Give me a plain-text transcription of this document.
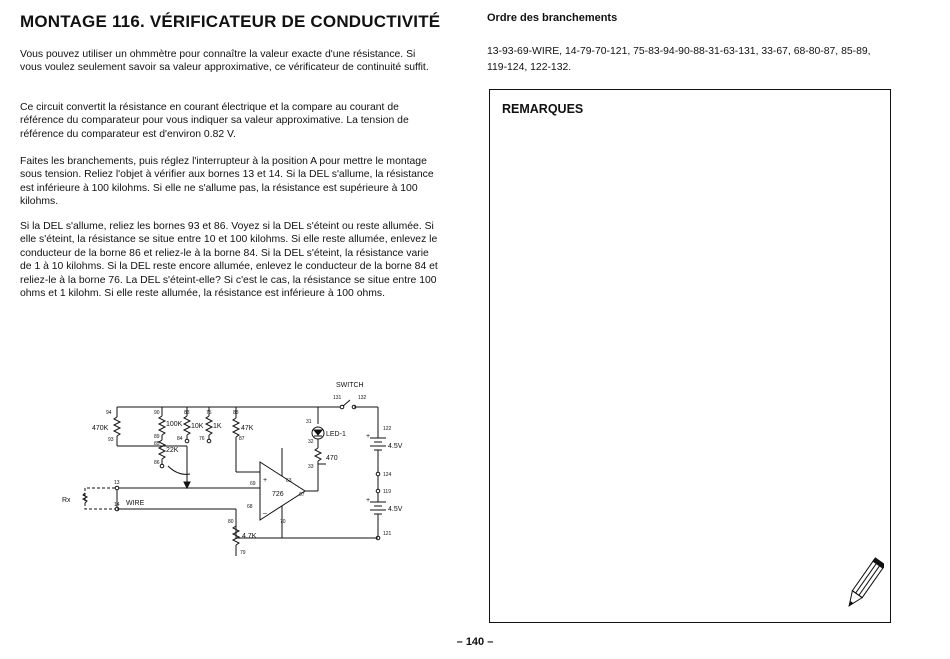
MONTAGE 116. VÉRIFICATEUR DE CONDUCTIVITÉ

Vous pouvez utiliser un ohmmètre pour connaître la valeur exacte d'une résistance. Si vous voulez seulement savoir sa valeur approximative, ce vérificateur de continuité suffit.

Ce circuit convertit la résistance en courant électrique et la compare au courant de référence du comparateur pour vous indiquer sa valeur approximative. La tension de référence du comparateur est d'environ 0.82 V.

Faites les branchements, puis réglez l'interrupteur à la position A pour mettre le montage sous tension. Reliez l'objet à vérifier aux bornes 13 et 14. Si la DEL s'allume, la résistance est inférieure à 100 kilohms. Si elle ne s'allume pas, la résistance est supérieure à 100 kilohms.

Si la DEL s'allume, reliez les bornes 93 et 86. Voyez si la DEL s'éteint ou reste allumée. Si elle s'éteint, la résistance se situe entre 10 et 100 kilohms. Si elle reste allumée, enlevez le conducteur de la borne 86 et reliez-le à la borne 84. Si la DEL s'éteint, la résistance varie de 1 à 10 kilohms. Si la DEL reste encore allumée, enlevez le conducteur de la borne 84 et reliez-le à la borne 76. La DEL s'éteint-elle? Si c'est le cas, la résistance se situe entre 100 ohms et 1 kilohm. Si elle reste allumée, la résistance est inférieure à 100 ohms.

Ordre des branchements

13-93-69-WIRE, 14-79-70-121, 75-83-94-90-88-31-63-131, 33-67, 68-80-87, 85-89, 119-124, 122-132.

REMARQUES
– 140 –
SWITCH
131	132
94
470K
93
90
100K
89
85
22K
86
83
10K
84
75
1K
76
88
47K
87
31
LED-1
32
470
33
122
+
4.5V
124
119
+
4.5V
121
13
Rx
14 WIRE
69 +
–
726
63
67
68
70
80
4.7K
79
